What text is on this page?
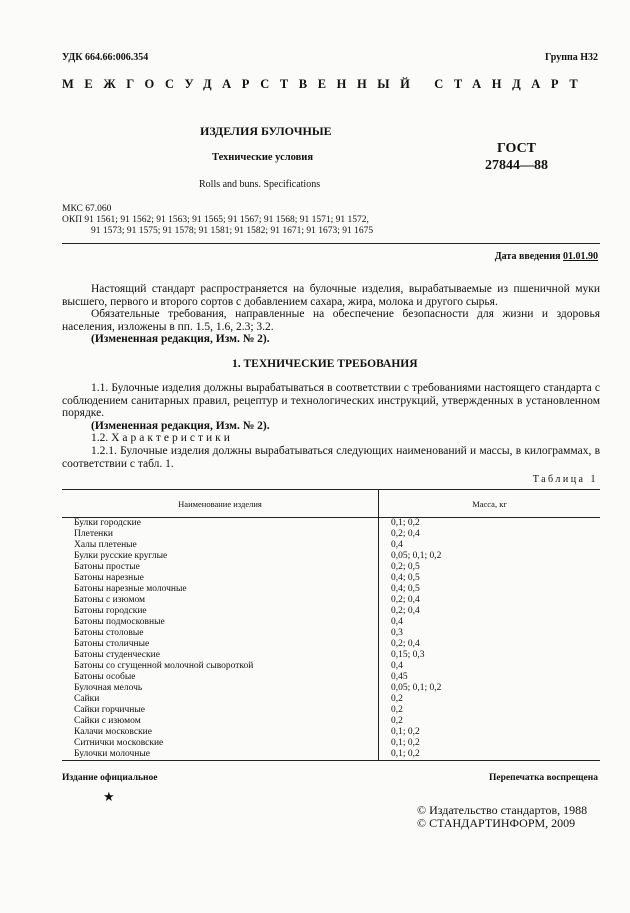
УДК 664.66:006.354	Группа Н32
МЕЖГОСУДАРСТВЕННЫЙ СТАНДАРТ
ИЗДЕЛИЯ БУЛОЧНЫЕ
Технические условия
Rolls and buns. Specifications
ГОСТ
27844—88
МКС 67.060
ОКП 91 1561; 91 1562; 91 1563; 91 1565; 91 1567; 91 1568; 91 1571; 91 1572,
91 1573; 91 1575; 91 1578; 91 1581; 91 1582; 91 1671; 91 1673; 91 1675
Дата введения 01.01.90

Настоящий стандарт распространяется на булочные изделия, вырабатываемые из пшеничной муки высшего, первого и второго сортов с добавлением сахара, жира, молока и другого сырья.

Обязательные требования, направленные на обеспечение безопасности для жизни и здоровья населения, изложены в пп. 1.5, 1.6, 2.3; 3.2.

(Измененная редакция, Изм. № 2).

1. ТЕХНИЧЕСКИЕ ТРЕБОВАНИЯ

1.1. Булочные изделия должны вырабатываться в соответствии с требованиями настоящего стандарта с соблюдением санитарных правил, рецептур и технологических инструкций, утвержденных в установленном порядке.

(Измененная редакция, Изм. № 2).

1.2. Характеристики

1.2.1. Булочные изделия должны вырабатываться следующих наименований и массы, в килограммах, в соответствии с табл. 1.

Таблица 1
Наименование изделия	Масса, кг
Булки городские	0,1; 0,2
Плетенки	0,2; 0,4
Халы плетеные	0,4
Булки русские круглые	0,05; 0,1; 0,2
Батоны простые	0,2; 0,5
Батоны нарезные	0,4; 0,5
Батоны нарезные молочные	0,4; 0,5
Батоны с изюмом	0,2; 0,4
Батоны городские	0,2; 0,4
Батоны подмосковные	0,4
Батоны столовые	0,3
Батоны столичные	0,2; 0,4
Батоны студенческие	0,15; 0,3
Батоны со сгущенной молочной сывороткой	0,4
Батоны особые	0,45
Булочная мелочь	0,05; 0,1; 0,2
Сайки	0,2
Сайки горчичные	0,2
Сайки с изюмом	0,2
Калачи московские	0,1; 0,2
Ситнички московские	0,1; 0,2
Булочки молочные	0,1; 0,2
Издание официальное	Перепечатка воспрещена
★
© Издательство стандартов, 1988
© СТАНДАРТИНФОРМ, 2009
